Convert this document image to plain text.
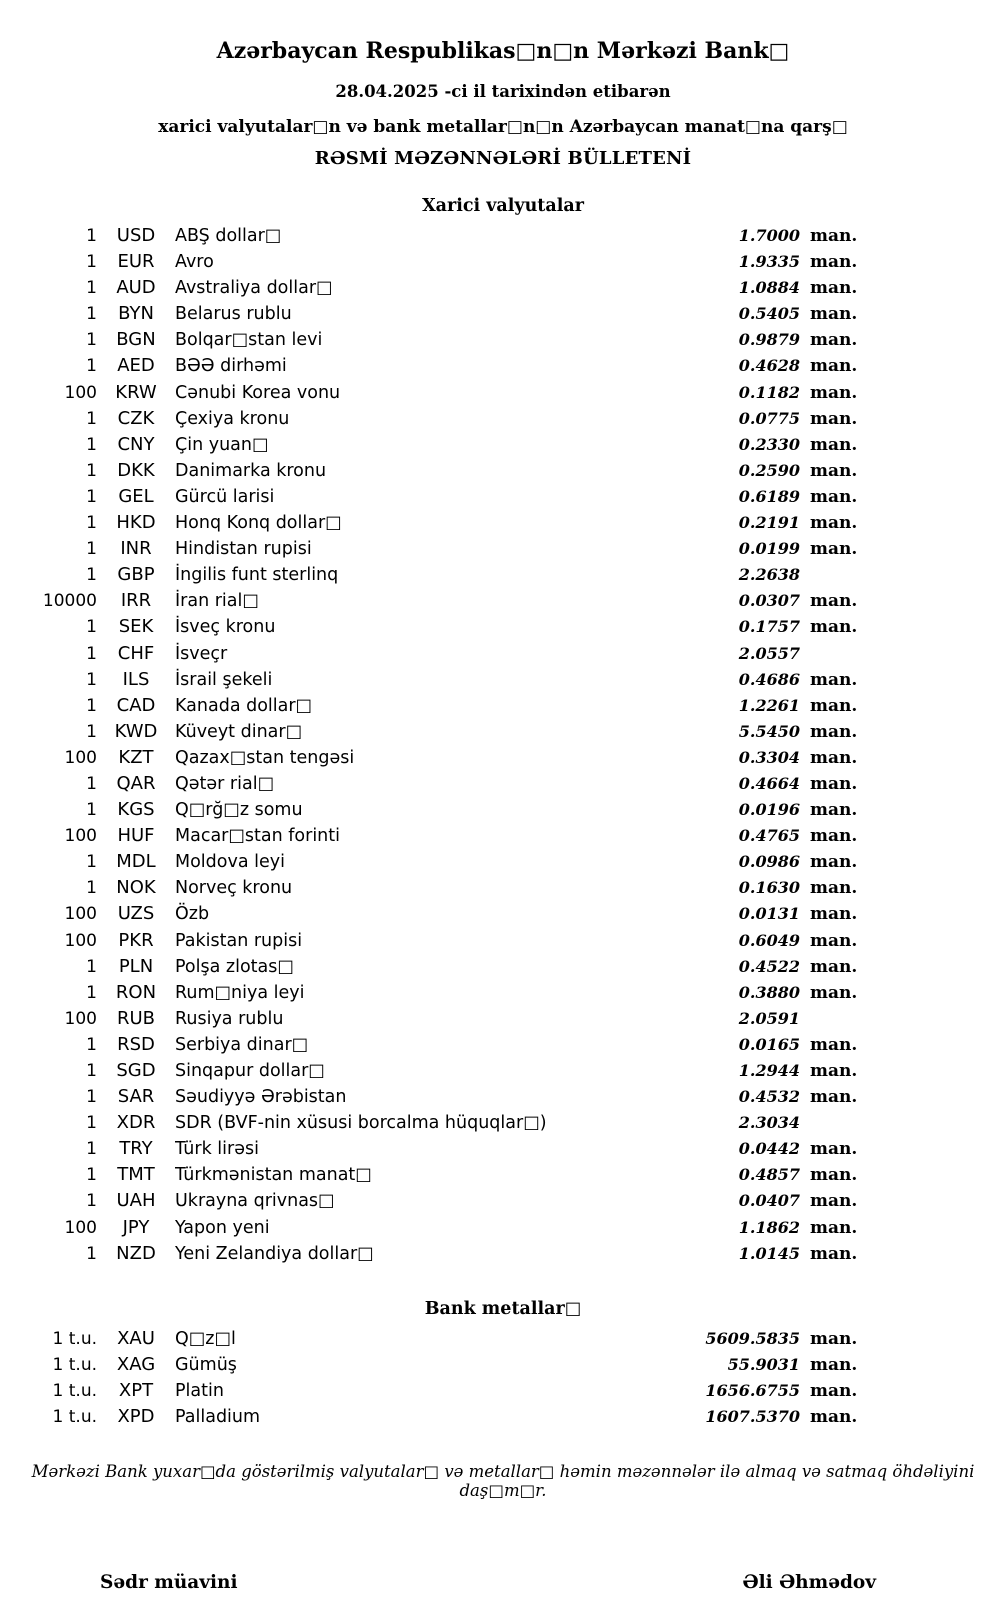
Azərbaycan Respublikas□n□n Mərkəzi Bank□
28.04.2025 -ci il tarixindən etibarən
xarici valyutalar□n və bank metallar□n□n Azərbaycan manat□na qarş□
RƏSMİ MƏZƏNNƏLƏRİ BÜLLETENİ
Xarici valyutalar
1	USD	ABŞ dollar□	1.7000 man.
1	EUR	Avro	1.9335 man.
1	AUD	Avstraliya dollar□	1.0884 man.
1	BYN	Belarus rublu	0.5405 man.
1	BGN	Bolqar□stan levi	0.9879 man.
1	AED	BƏƏ dirhəmi	0.4628 man.
100	KRW	Cənubi Korea vonu	0.1182 man.
1	CZK	Çexiya kronu	0.0775 man.
1	CNY	Çin yuan□	0.2330 man.
1	DKK	Danimarka kronu	0.2590 man.
1	GEL	Gürcü larisi	0.6189 man.
1	HKD	Honq Konq dollar□	0.2191 man.
1	INR	Hindistan rupisi	0.0199 man.
1	GBP	İngilis funt sterlinq	2.2638
10000	IRR	İran rial□	0.0307 man.
1	SEK	İsveç kronu	0.1757 man.
1	CHF	İsveçr	2.0557
1	ILS	İsrail şekeli	0.4686 man.
1	CAD	Kanada dollar□	1.2261 man.
1 KWD	Küveyt dinar□	5.5450 man.
100	KZT	Qazax□stan tengəsi	0.3304 man.
1	QAR	Qətər rial□	0.4664 man.
1	KGS	Q□rğ□z somu	0.0196 man.
100	HUF	Macar□stan forinti	0.4765 man.
1	MDL	Moldova leyi	0.0986 man.
1	NOK	Norveç kronu	0.1630 man.
100	UZS	Özb	0.0131 man.
100	PKR	Pakistan rupisi	0.6049 man.
1	PLN	Polşa zlotas□	0.4522 man.
1	RON	Rum□niya leyi	0.3880 man.
100	RUB	Rusiya rublu	2.0591
1	RSD	Serbiya dinar□	0.0165 man.
1	SGD	Sinqapur dollar□	1.2944 man.
1	SAR	Səudiyyə Ərəbistan	0.4532 man.
1	XDR	SDR (BVF-nin xüsusi borcalma hüquqlar□)	2.3034
1	TRY	Türk lirəsi	0.0442 man.
1	TMT	Türkmənistan manat□	0.4857 man.
1	UAH	Ukrayna qrivnas□	0.0407 man.
100	JPY	Yapon yeni	1.1862 man.
1	NZD	Yeni Zelandiya dollar□	1.0145 man.
Bank metallar□
1 t.u.	XAU	Q□z□l	5609.5835 man.
1 t.u.	XAG	Gümüş	55.9031 man.
1 t.u.	XPT	Platin	1656.6755 man.
1 t.u.	XPD	Palladium	1607.5370 man.

Mərkəzi Bank yuxar□da göstərilmiş valyutalar□ və metallar□ həmin məzənnələr ilə almaq və satmaq öhdəliyini daş□m□r.

Sədr müavini	Əli Əhmədov
